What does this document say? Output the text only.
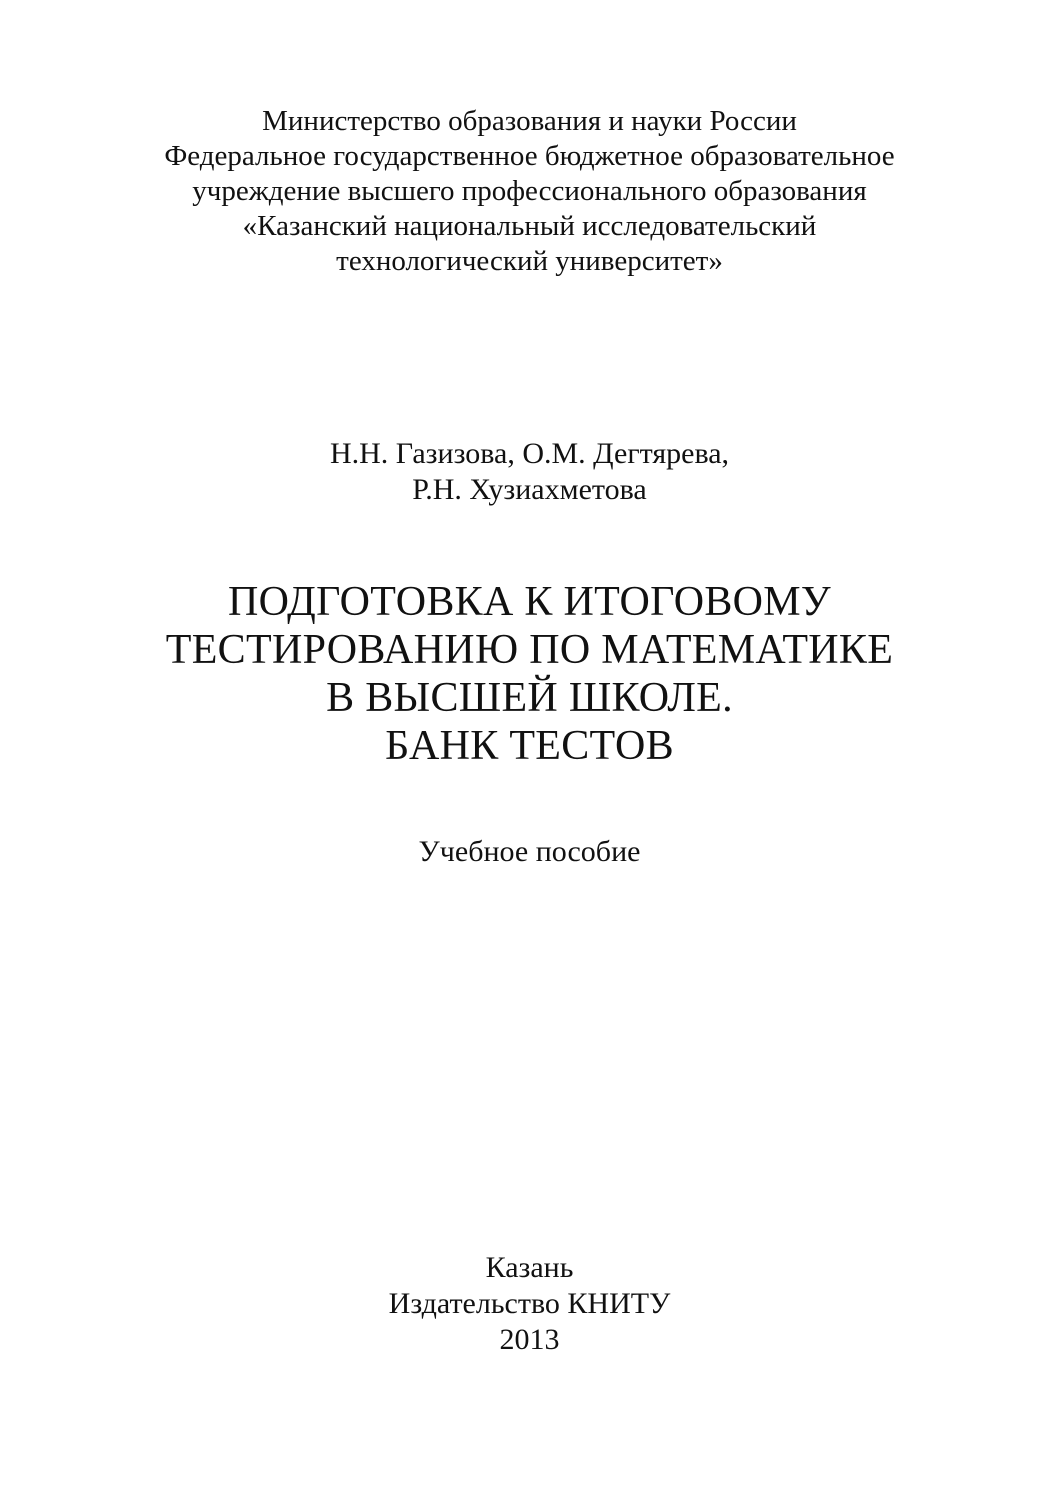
Министерство образования и науки России
Федеральное государственное бюджетное образовательное
учреждение высшего профессионального образования
«Казанский национальный исследовательский
технологический университет»
Н.Н. Газизова, О.М. Дегтярева,
Р.Н. Хузиахметова
ПОДГОТОВКА К ИТОГОВОМУ
ТЕСТИРОВАНИЮ ПО МАТЕМАТИКЕ
В ВЫСШЕЙ ШКОЛЕ.
БАНК ТЕСТОВ
Учебное пособие
Казань
Издательство КНИТУ
2013
